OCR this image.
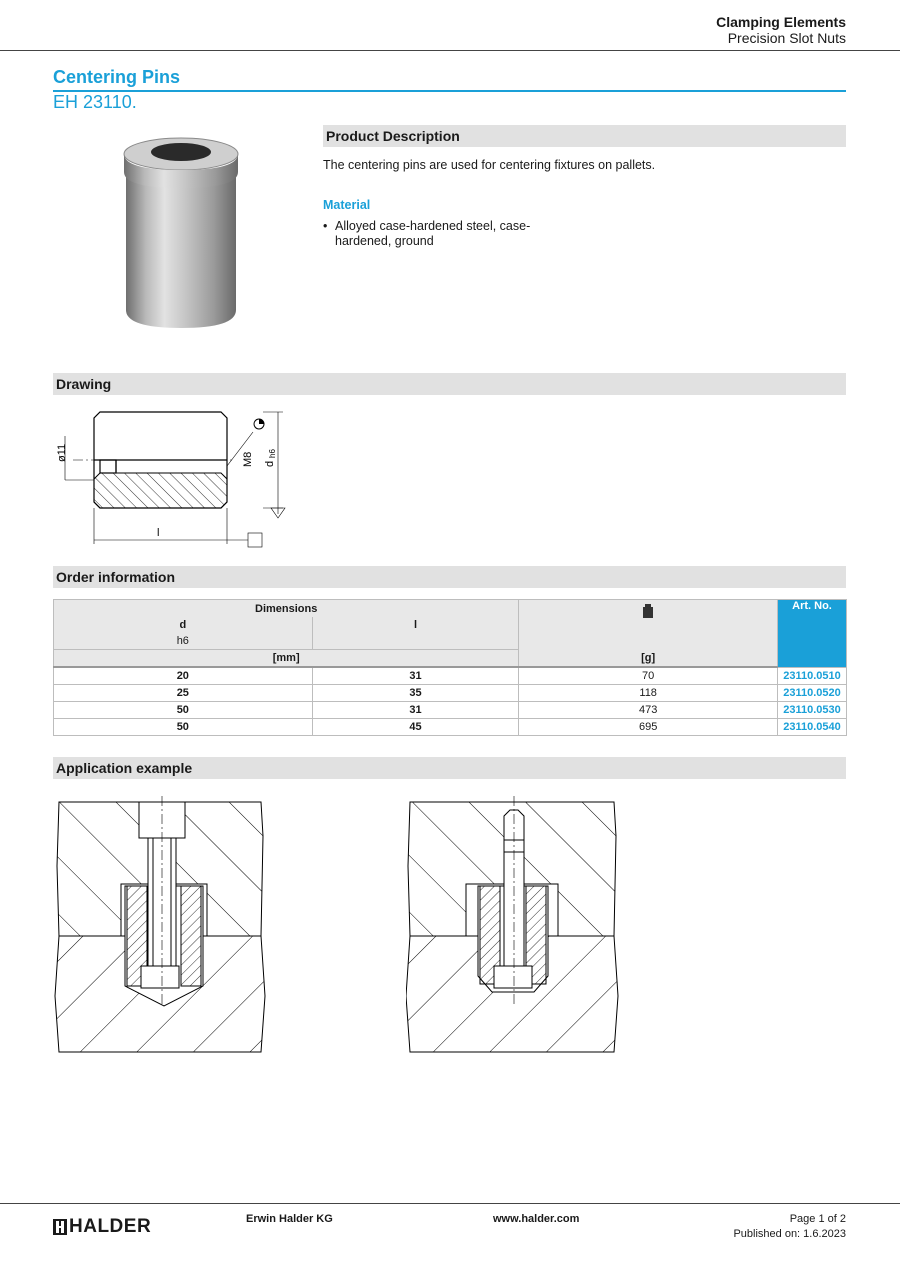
Clamping Elements
Precision Slot Nuts
Centering Pins
EH 23110.
Product Description
The centering pins are used for centering fixtures on pallets.
Material
• Alloyed case-hardened steel, case-hardened, ground
Drawing
ø11	M8 d
h6
l
Order information
Dimensions			Art. No.
d	l		
h6			
[mm]		[g]	
20	31	70	23110.0510
25	35	118	23110.0520
50	31	473	23110.0530
50	45	695	23110.0540
Application example
HALDER	Erwin Halder KG	www.halder.com	Page 1 of 2
Published on: 1.6.2023
